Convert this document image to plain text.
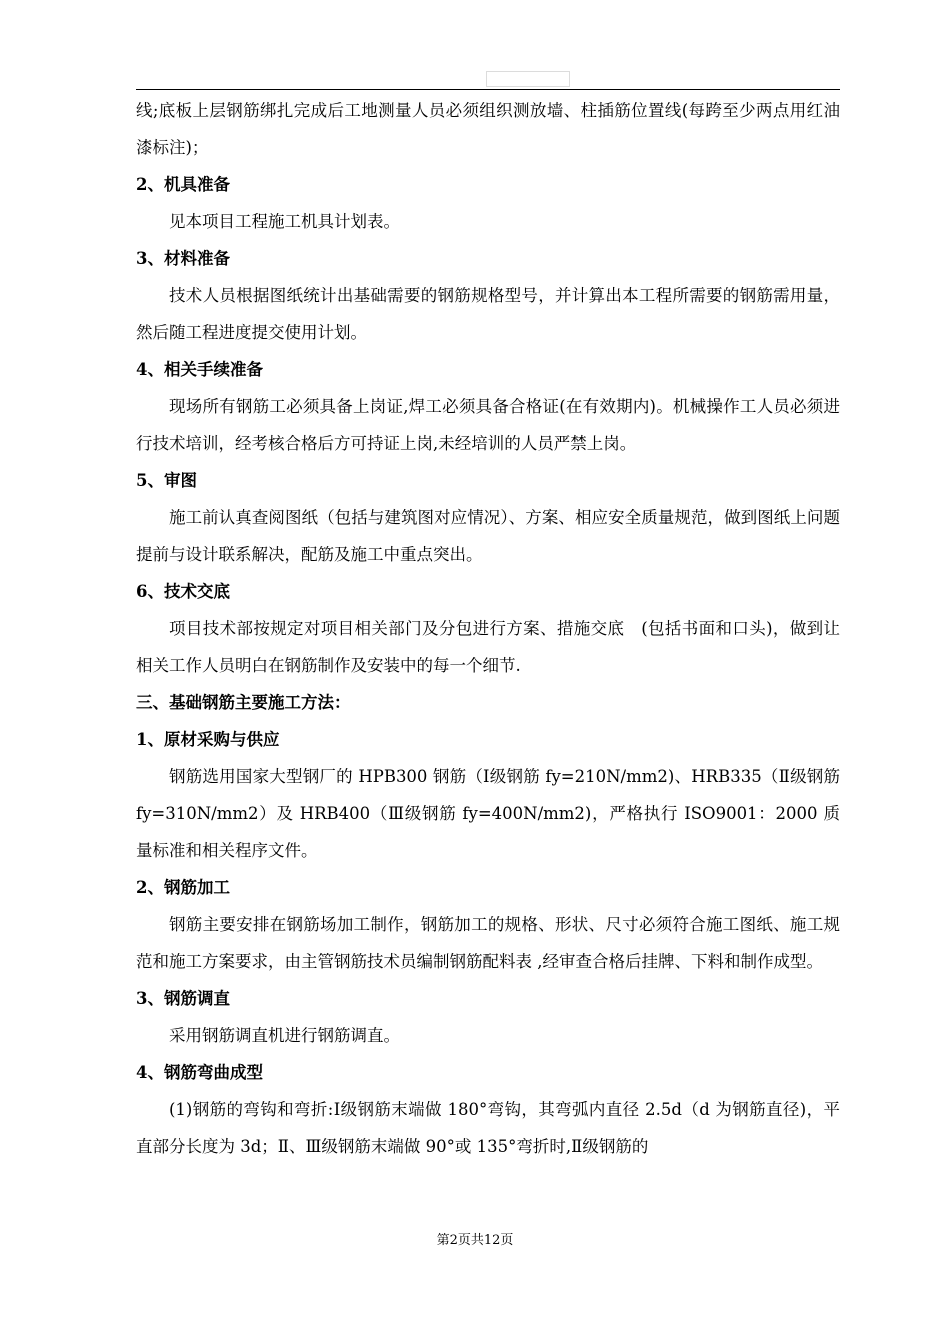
线;底板上层钢筋绑扎完成后工地测量人员必须组织测放墙、柱插筋位置线(每跨至少两点用红油漆标注)；

2、机具准备

见本项目工程施工机具计划表。

3、材料准备

技术人员根据图纸统计出基础需要的钢筋规格型号，并计算出本工程所需要的钢筋需用量，然后随工程进度提交使用计划。

4、相关手续准备

现场所有钢筋工必须具备上岗证,焊工必须具备合格证(在有效期内)。机械操作工人员必须进行技术培训，经考核合格后方可持证上岗,未经培训的人员严禁上岗。

5、审图

施工前认真查阅图纸（包括与建筑图对应情况）、方案、相应安全质量规范，做到图纸上问题提前与设计联系解决，配筋及施工中重点突出。

6、技术交底

项目技术部按规定对项目相关部门及分包进行方案、措施交底　(包括书面和口头)，做到让相关工作人员明白在钢筋制作及安装中的每一个细节.

三、基础钢筋主要施工方法：
1、原材采购与供应

钢筋选用国家大型钢厂的 HPB300 钢筋（Ⅰ级钢筋 fy=210N/mm2)、HRB335（Ⅱ级钢筋 fy=310N/mm2）及 HRB400（Ⅲ级钢筋 fy=400N/mm2)，严格执行 ISO9001：2000 质量标准和相关程序文件。

2、钢筋加工

钢筋主要安排在钢筋场加工制作，钢筋加工的规格、形状、尺寸必须符合施工图纸、施工规范和施工方案要求，由主管钢筋技术员编制钢筋配料表 ,经审查合格后挂牌、下料和制作成型。

3、钢筋调直

采用钢筋调直机进行钢筋调直。

4、钢筋弯曲成型

(1)钢筋的弯钩和弯折:Ⅰ级钢筋末端做 180°弯钩，其弯弧内直径 2.5d（d 为钢筋直径)，平直部分长度为 3d；Ⅱ、Ⅲ级钢筋末端做 90°或 135°弯折时,Ⅱ级钢筋的

第2页共12页
